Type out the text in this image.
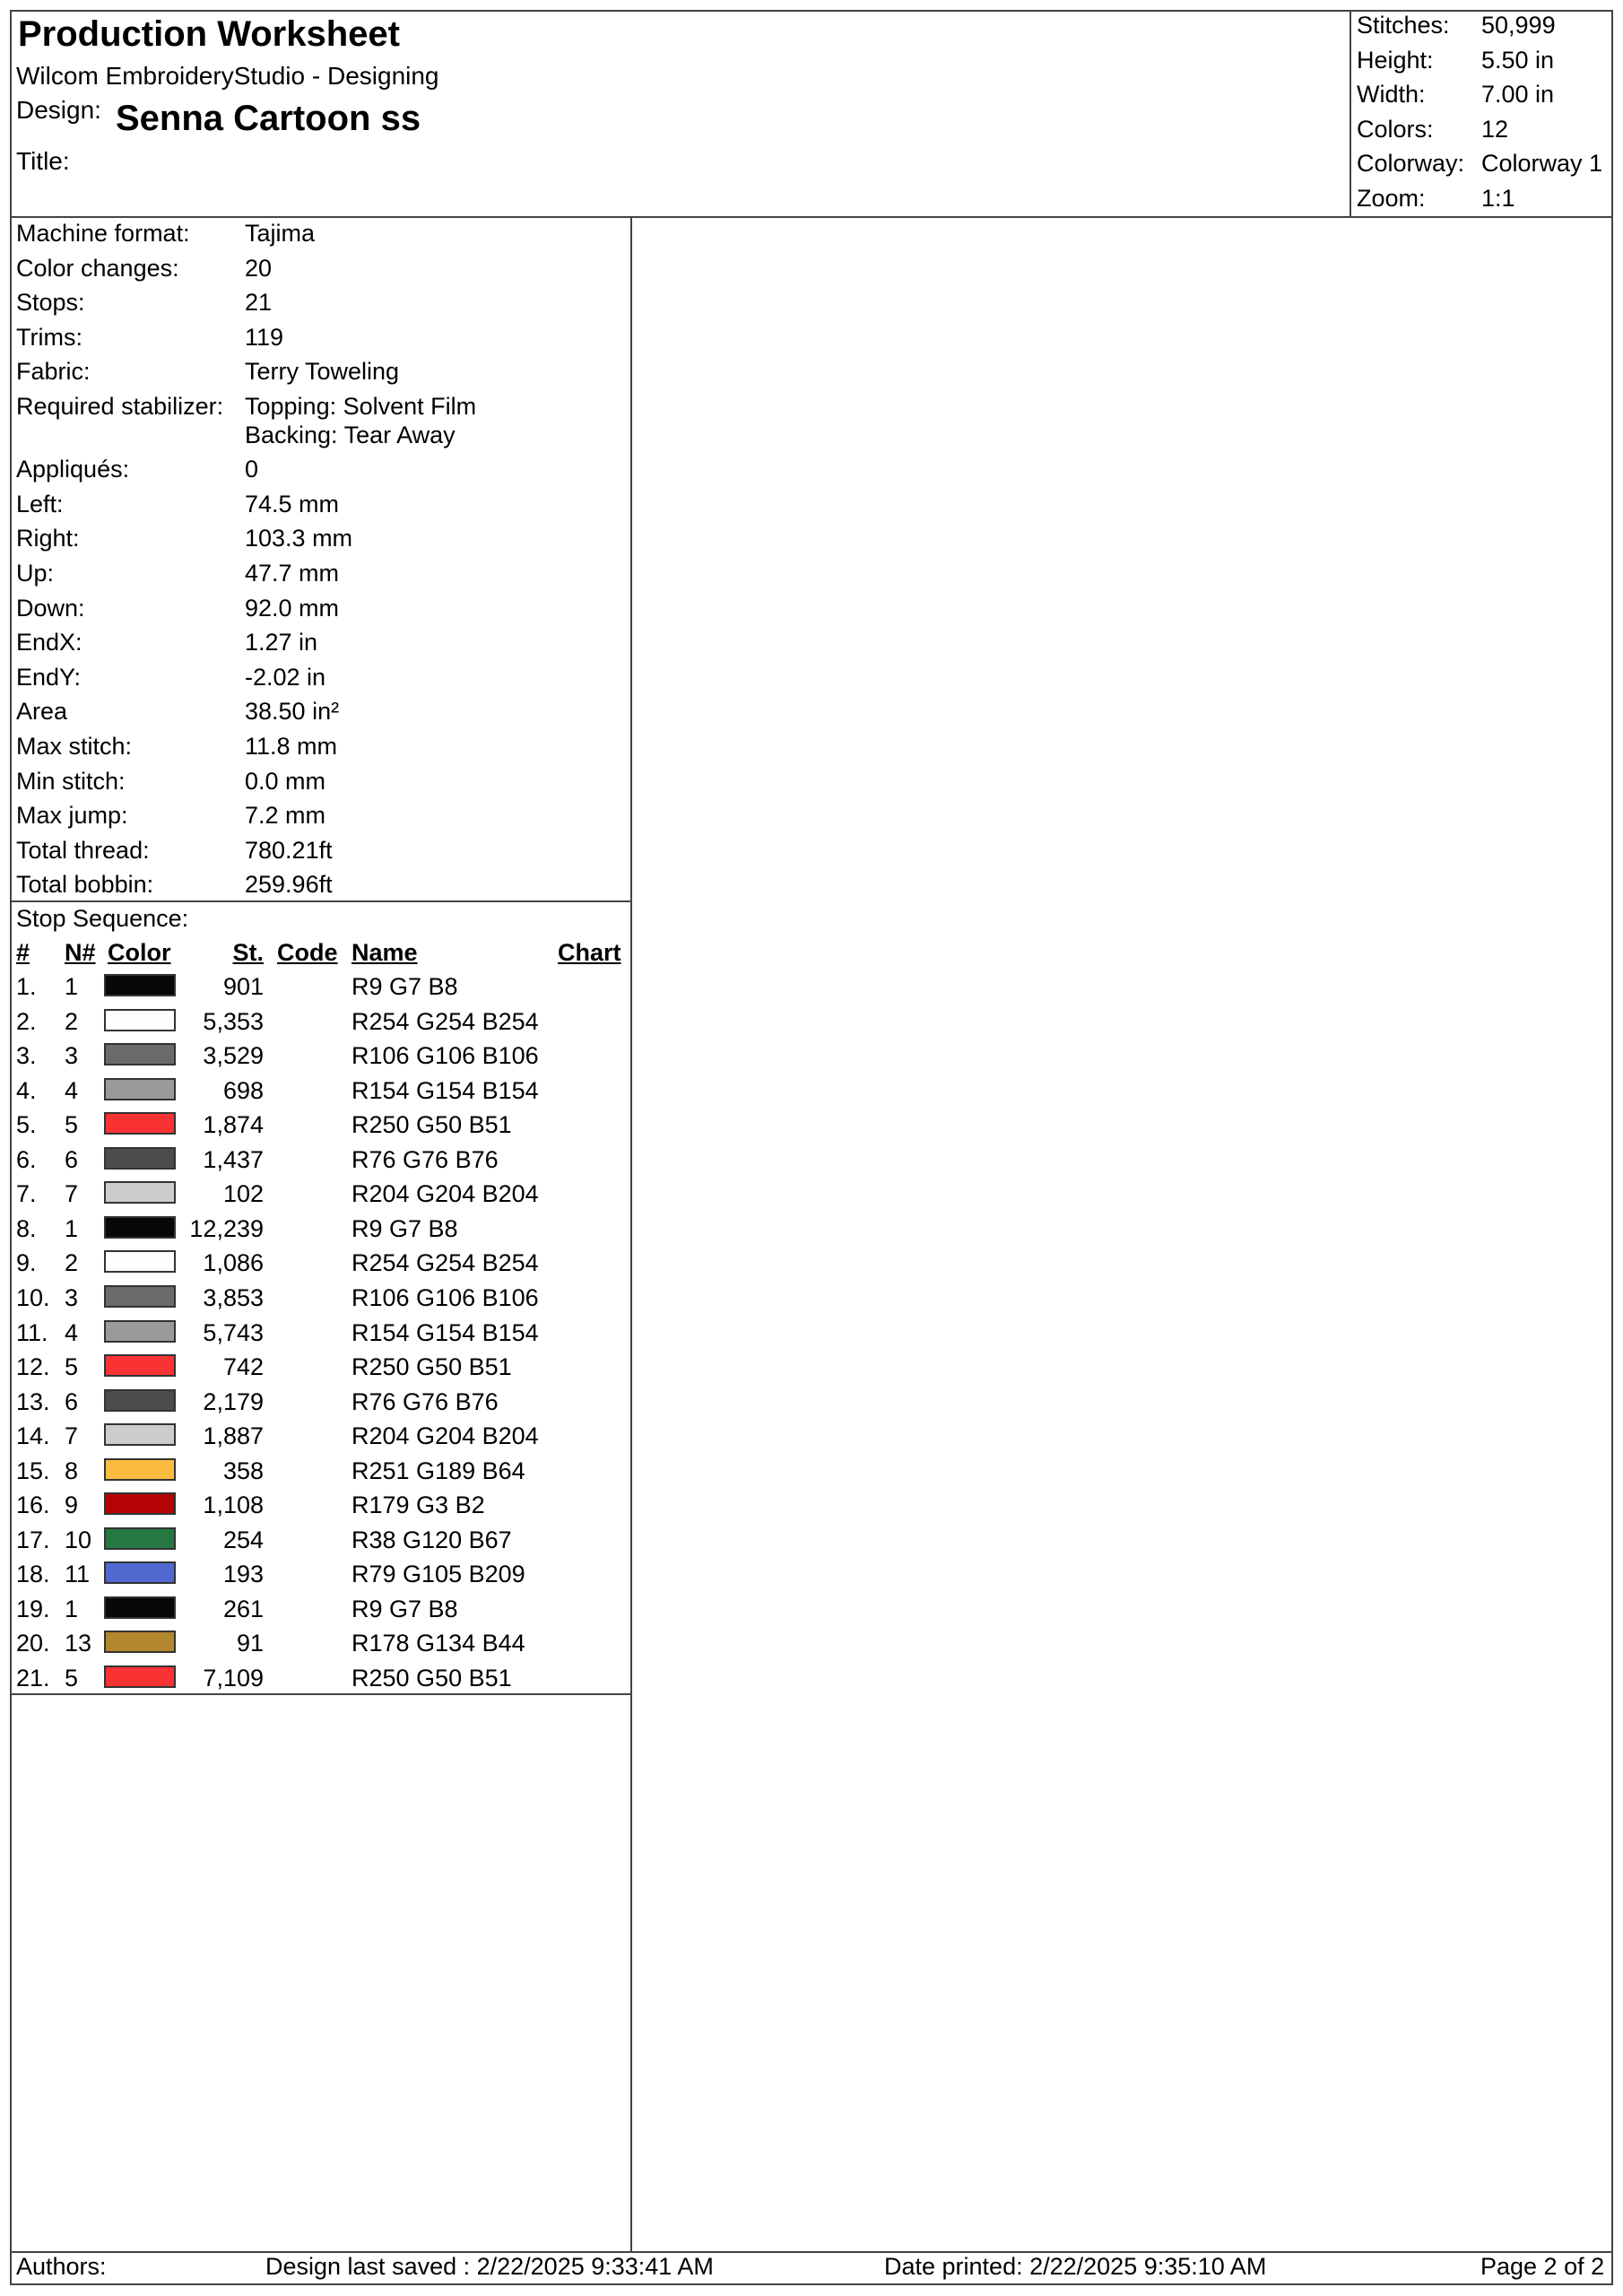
Production Worksheet
Wilcom EmbroideryStudio - Designing
Design: Senna Cartoon ss
Title:
Stitches: 50,999
Height: 5.50 in
Width: 7.00 in
Colors: 12
Colorway: Colorway 1
Zoom: 1:1
Machine format: Tajima
Color changes:	20
Stops:	21
Trims:	119
Fabric:	Terry Toweling
Required stabilizer: Topping: Solvent Film
Backing: Tear Away
Appliqués:	0
Left:	74.5 mm
Right:	103.3 mm
Up:	47.7 mm
Down:	92.0 mm
EndX:	1.27 in
EndY:	-2.02 in
Area	38.50 in²
Max stitch:	11.8 mm
Min stitch:	0.0 mm
Max jump:	7.2 mm
Total thread:	780.21ft
Total bobbin:	259.96ft
Stop Sequence:
# N# Color	St. Code Name	Chart
1. 1	901	R9 G7 B8
2. 2	5,353	R254 G254 B254
3. 3	3,529	R106 G106 B106
4. 4	698	R154 G154 B154
5. 5	1,874	R250 G50 B51
6. 6	1,437	R76 G76 B76
7. 7	102	R204 G204 B204
8. 1	12,239	R9 G7 B8
9. 2	1,086	R254 G254 B254
10. 3	3,853	R106 G106 B106
11. 4	5,743	R154 G154 B154
12. 5	742	R250 G50 B51
13. 6	2,179	R76 G76 B76
14. 7	1,887	R204 G204 B204
15. 8	358	R251 G189 B64
16. 9	1,108	R179 G3 B2
17. 10	254	R38 G120 B67
18. 11	193	R79 G105 B209
19. 1	261	R9 G7 B8
20. 13	91	R178 G134 B44
21. 5	7,109	R250 G50 B51
Authors:	Design last saved : 2/22/2025 9:33:41 AM	Date printed: 2/22/2025 9:35:10 AM	Page 2 of 2
